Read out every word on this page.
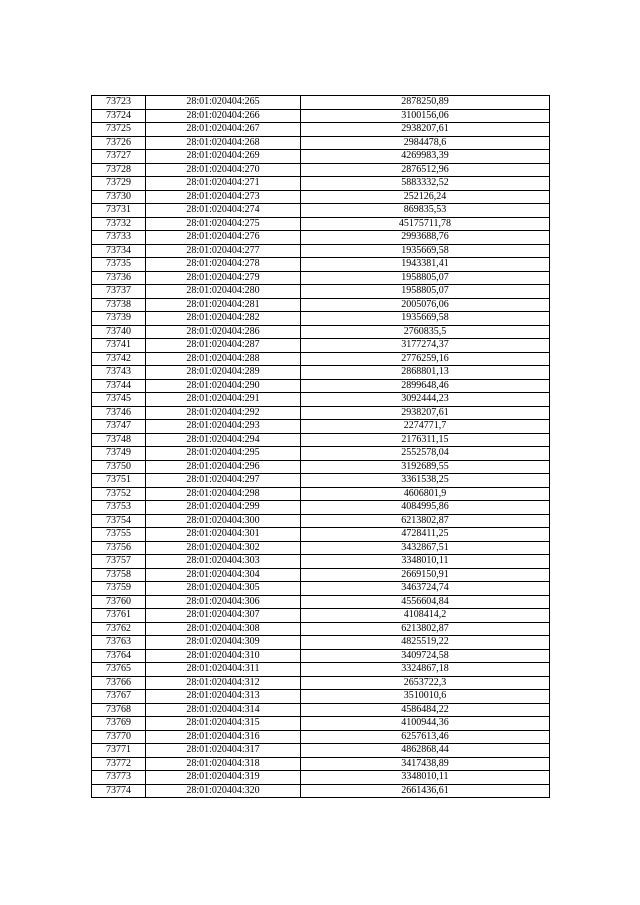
73723	28:01:020404:265	2878250,89
73724	28:01:020404:266	3100156,06
73725	28:01:020404:267	2938207,61
73726	28:01:020404:268	2984478,6
73727	28:01:020404:269	4269983,39
73728	28:01:020404:270	2876512,96
73729	28:01:020404:271	5883332,52
73730	28:01:020404:273	252126,24
73731	28:01:020404:274	869835,53
73732	28:01:020404:275	45175711,78
73733	28:01:020404:276	2993688,76
73734	28:01:020404:277	1935669,58
73735	28:01:020404:278	1943381,41
73736	28:01:020404:279	1958805,07
73737	28:01:020404:280	1958805,07
73738	28:01:020404:281	2005076,06
73739	28:01:020404:282	1935669,58
73740	28:01:020404:286	2760835,5
73741	28:01:020404:287	3177274,37
73742	28:01:020404:288	2776259,16
73743	28:01:020404:289	2868801,13
73744	28:01:020404:290	2899648,46
73745	28:01:020404:291	3092444,23
73746	28:01:020404:292	2938207,61
73747	28:01:020404:293	2274771,7
73748	28:01:020404:294	2176311,15
73749	28:01:020404:295	2552578,04
73750	28:01:020404:296	3192689,55
73751	28:01:020404:297	3361538,25
73752	28:01:020404:298	4606801,9
73753	28:01:020404:299	4084995,86
73754	28:01:020404:300	6213802,87
73755	28:01:020404:301	4728411,25
73756	28:01:020404:302	3432867,51
73757	28:01:020404:303	3348010,11
73758	28:01:020404:304	2669150,91
73759	28:01:020404:305	3463724,74
73760	28:01:020404:306	4556604,84
73761	28:01:020404:307	4108414,2
73762	28:01:020404:308	6213802,87
73763	28:01:020404:309	4825519,22
73764	28:01:020404:310	3409724,58
73765	28:01:020404:311	3324867,18
73766	28:01:020404:312	2653722,3
73767	28:01:020404:313	3510010,6
73768	28:01:020404:314	4586484,22
73769	28:01:020404:315	4100944,36
73770	28:01:020404:316	6257613,46
73771	28:01:020404:317	4862868,44
73772	28:01:020404:318	3417438,89
73773	28:01:020404:319	3348010,11
73774	28:01:020404:320	2661436,61
